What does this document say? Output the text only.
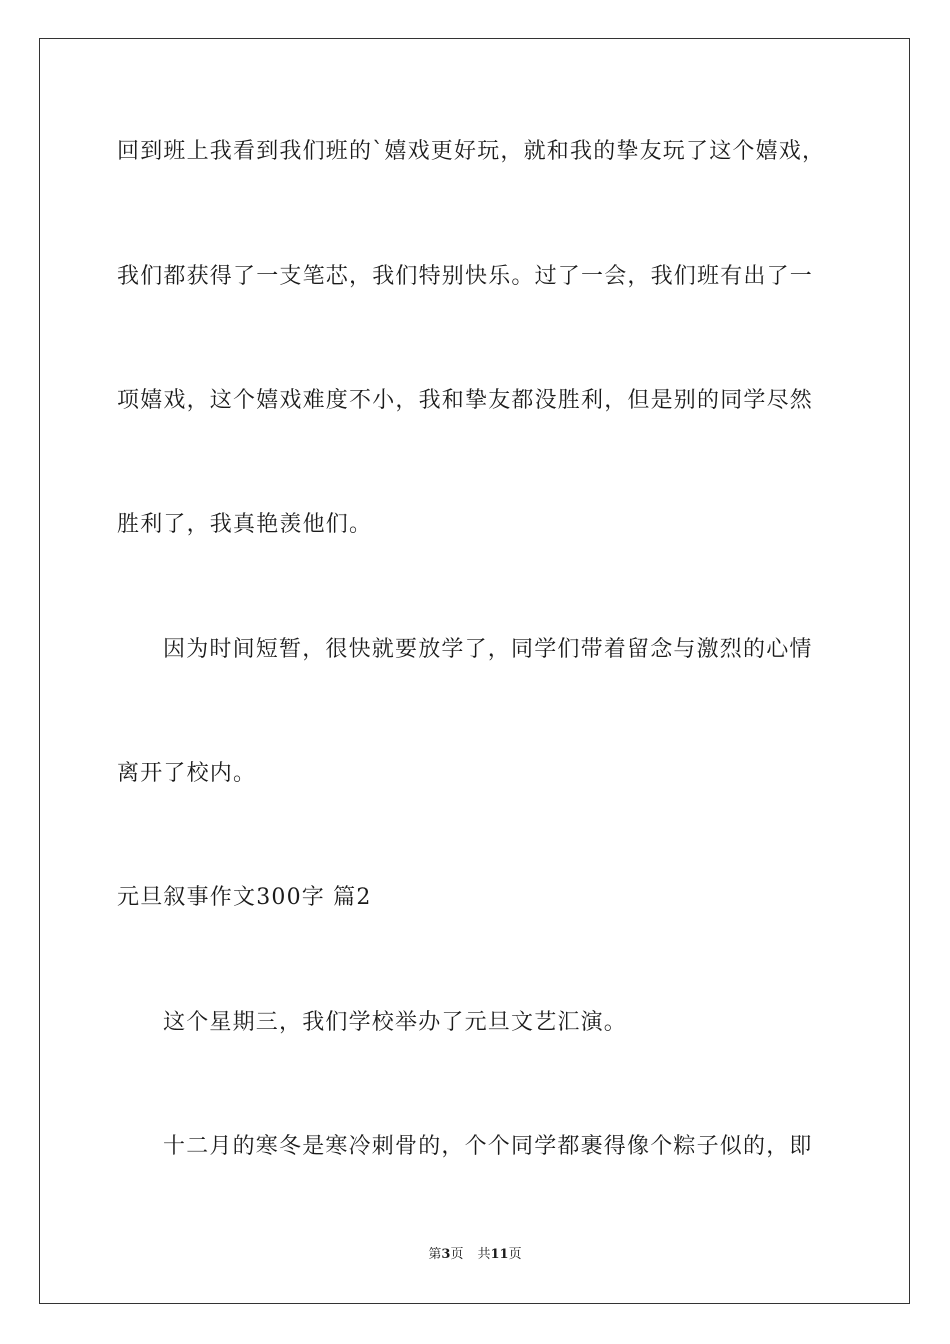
回到班上我看到我们班的`嬉戏更好玩，就和我的挚友玩了这个嬉戏，
我们都获得了一支笔芯，我们特别快乐。过了一会，我们班有出了一
项嬉戏，这个嬉戏难度不小，我和挚友都没胜利，但是别的同学尽然
胜利了，我真艳羡他们。
因为时间短暂，很快就要放学了，同学们带着留念与激烈的心情
离开了校内。
元旦叙事作文300字 篇2
这个星期三，我们学校举办了元旦文艺汇演。
十二月的寒冬是寒冷刺骨的，个个同学都裹得像个粽子似的，即
第3页 共11页
